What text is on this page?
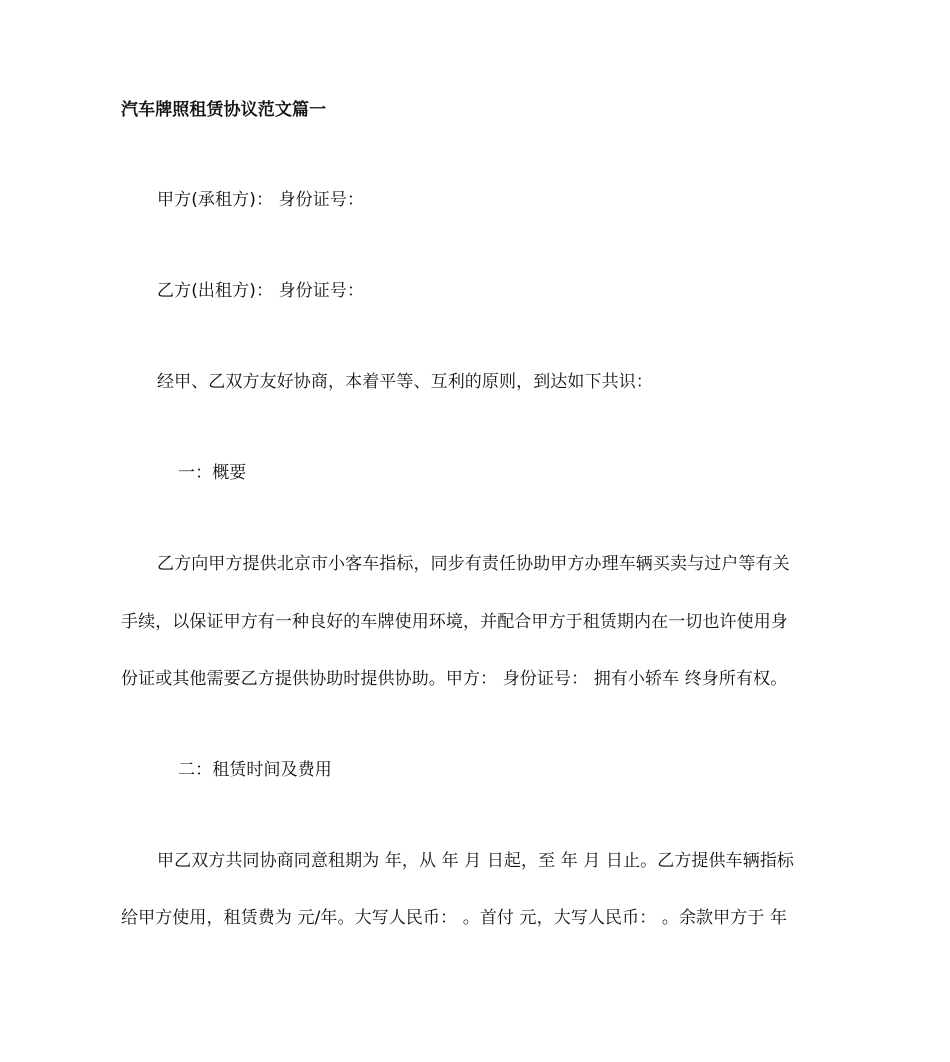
汽车牌照租赁协议范文篇一
甲方(承租方)： 身份证号：
乙方(出租方)： 身份证号：
经甲、乙双方友好协商，本着平等、互利的原则，到达如下共识：
一：概要
乙方向甲方提供北京市小客车指标，同步有责任协助甲方办理车辆买卖与过户等有关
手续，以保证甲方有一种良好的车牌使用环境，并配合甲方于租赁期内在一切也许使用身
份证或其他需要乙方提供协助时提供协助。甲方： 身份证号： 拥有小轿车 终身所有权。
二：租赁时间及费用
甲乙双方共同协商同意租期为 年，从 年 月 日起，至 年 月 日止。乙方提供车辆指标
给甲方使用，租赁费为 元/年。大写人民币： 。首付 元，大写人民币： 。余款甲方于 年
